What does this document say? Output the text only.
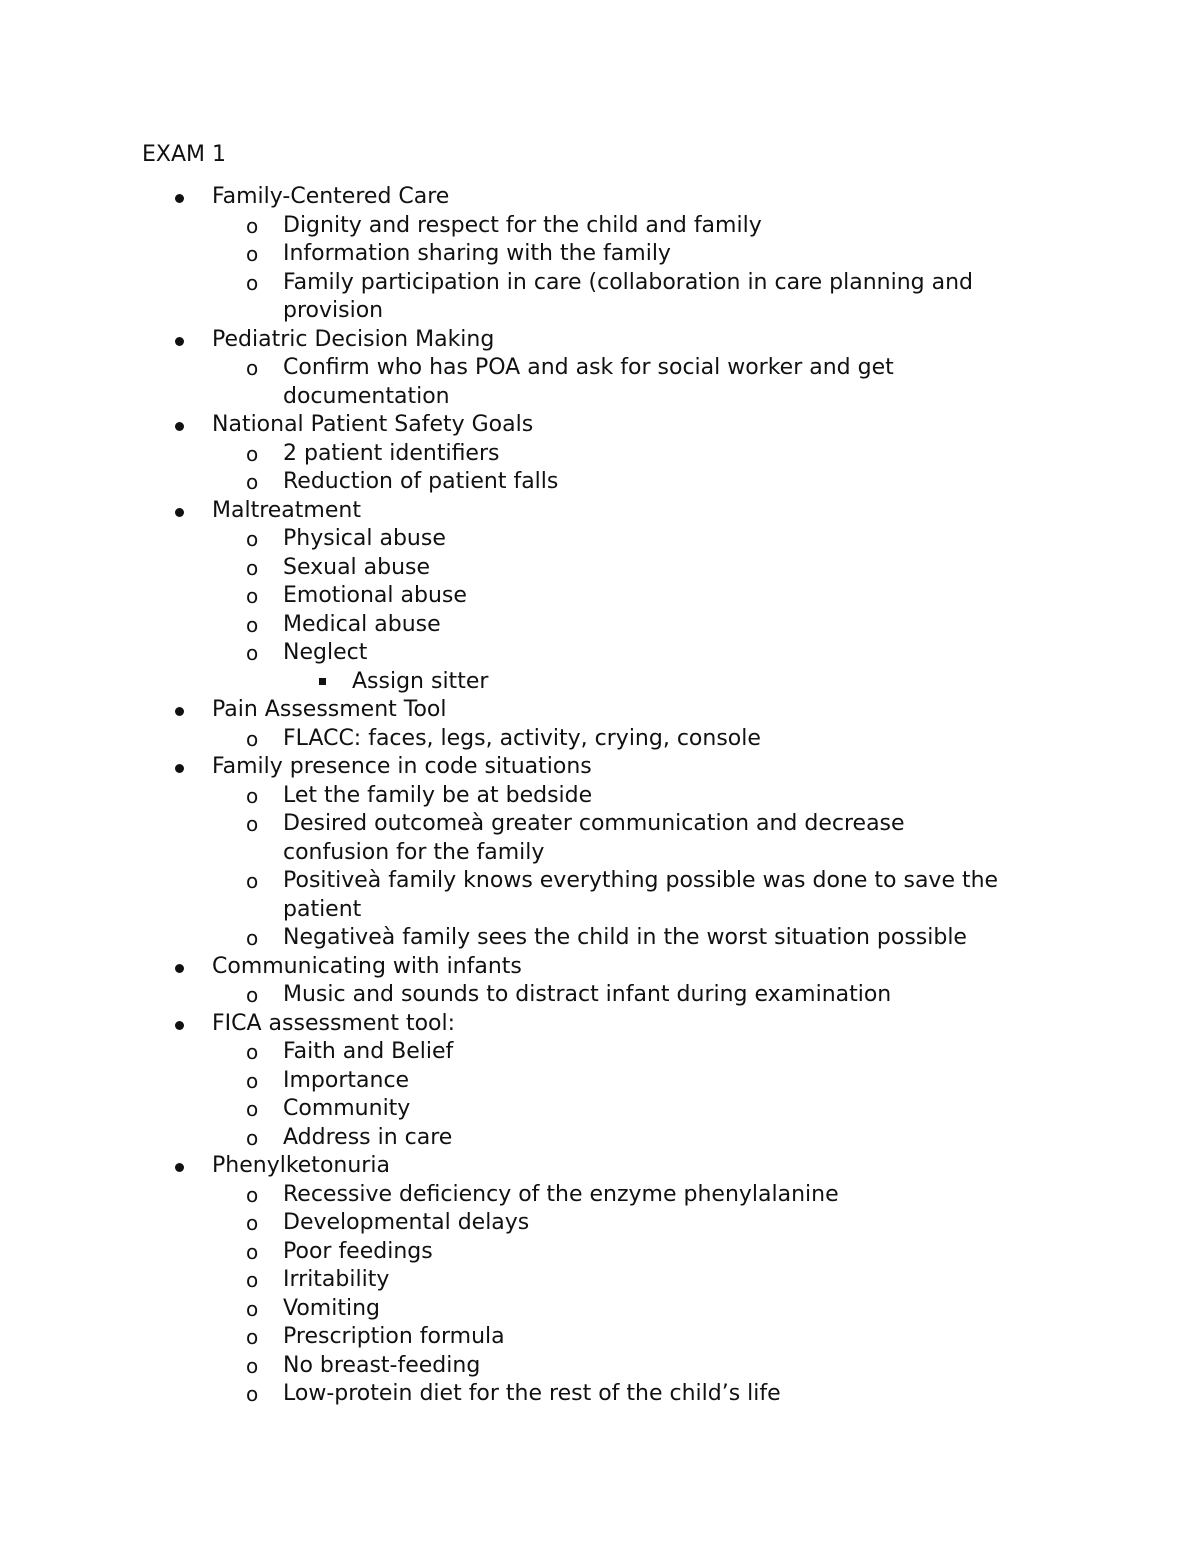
EXAM 1
Family-Centered Care
o Dignity and respect for the child and family
o Information sharing with the family
o Family participation in care (collaboration in care planning and
provision
Pediatric Decision Making
o Confirm who has POA and ask for social worker and get
documentation
National Patient Safety Goals
o 2 patient identifiers
o Reduction of patient falls
Maltreatment
o Physical abuse
o Sexual abuse
o Emotional abuse
o Medical abuse
o Neglect
Assign sitter
Pain Assessment Tool
o FLACC: faces, legs, activity, crying, console
Family presence in code situations
o Let the family be at bedside
o Desired outcomeà greater communication and decrease
confusion for the family
o Positiveà family knows everything possible was done to save the
patient
o Negativeà family sees the child in the worst situation possible
Communicating with infants
o Music and sounds to distract infant during examination
FICA assessment tool:
o Faith and Belief
o Importance
o Community
o Address in care
Phenylketonuria
o Recessive deficiency of the enzyme phenylalanine
o Developmental delays
o Poor feedings
o Irritability
o Vomiting
o Prescription formula
o No breast-feeding
o Low-protein diet for the rest of the child’s life
